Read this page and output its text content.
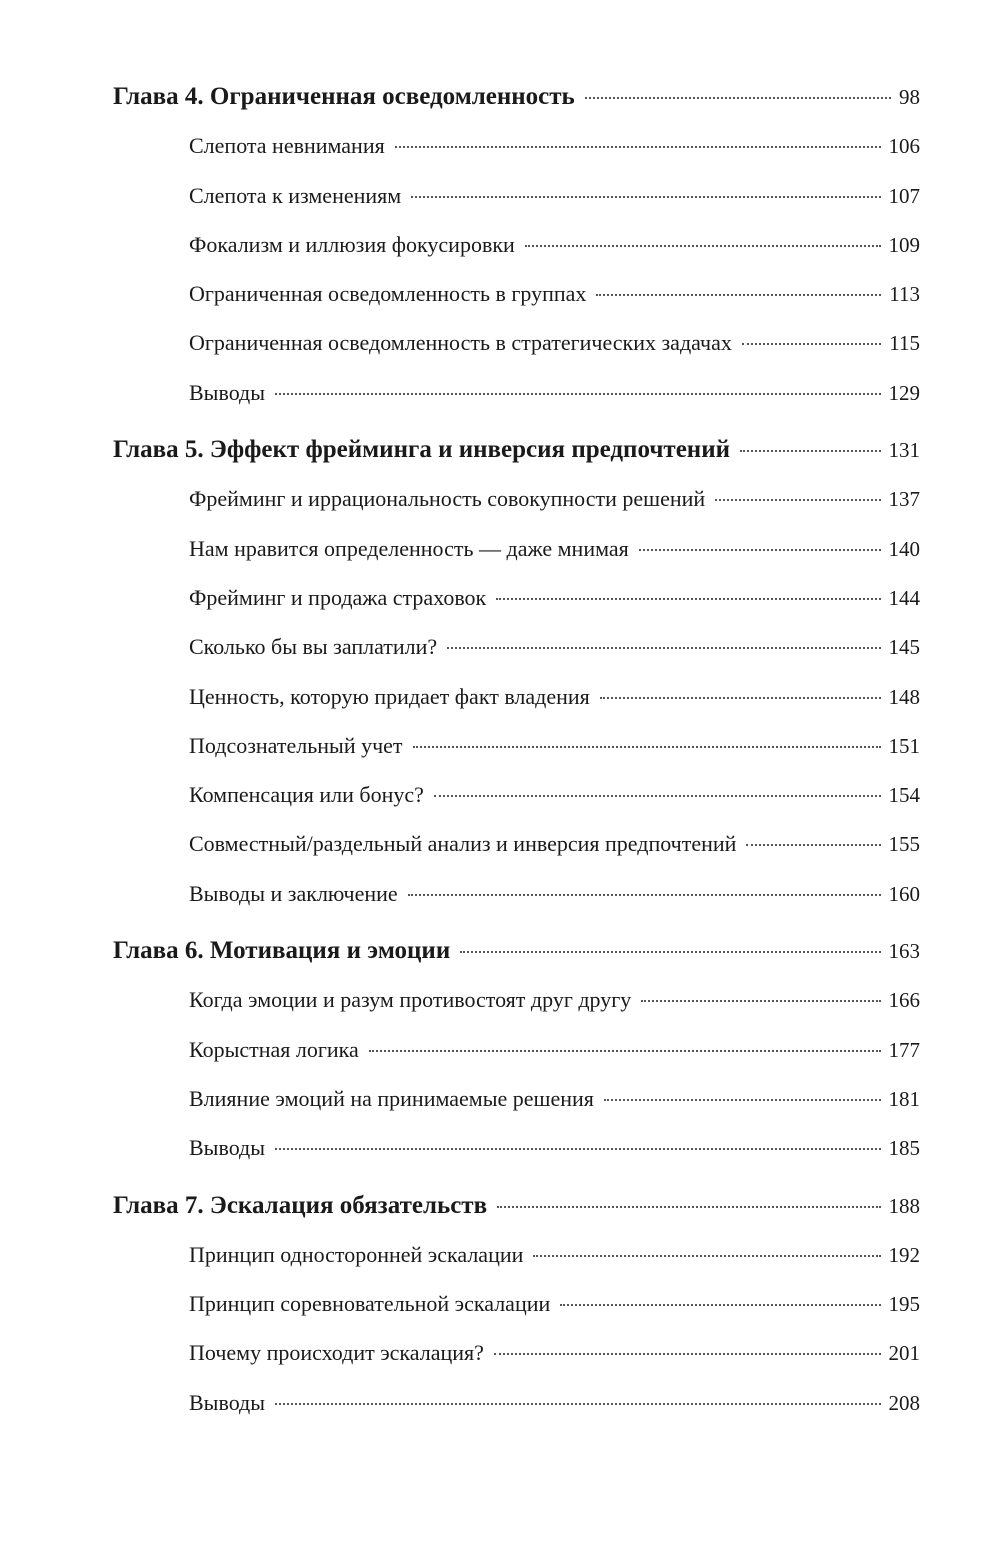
Глава 4. Ограниченная осведомленность	98
Слепота невнимания	106
Слепота к изменениям	107
Фокализм и иллюзия фокусировки	109
Ограниченная осведомленность в группах	113
Ограниченная осведомленность в стратегических задачах	115
Выводы	129
Глава 5. Эффект фрейминга и инверсия предпочтений	131
Фрейминг и иррациональность совокупности решений	137
Нам нравится определенность — даже мнимая	140
Фрейминг и продажа страховок	144
Сколько бы вы заплатили?	145
Ценность, которую придает факт владения	148
Подсознательный учет	151
Компенсация или бонус?	154
Совместный/раздельный анализ и инверсия предпочтений	155
Выводы и заключение	160
Глава 6. Мотивация и эмоции	163
Когда эмоции и разум противостоят друг другу	166
Корыстная логика	177
Влияние эмоций на принимаемые решения	181
Выводы	185
Глава 7. Эскалация обязательств	188
Принцип односторонней эскалации	192
Принцип соревновательной эскалации	195
Почему происходит эскалация?	201
Выводы	208
